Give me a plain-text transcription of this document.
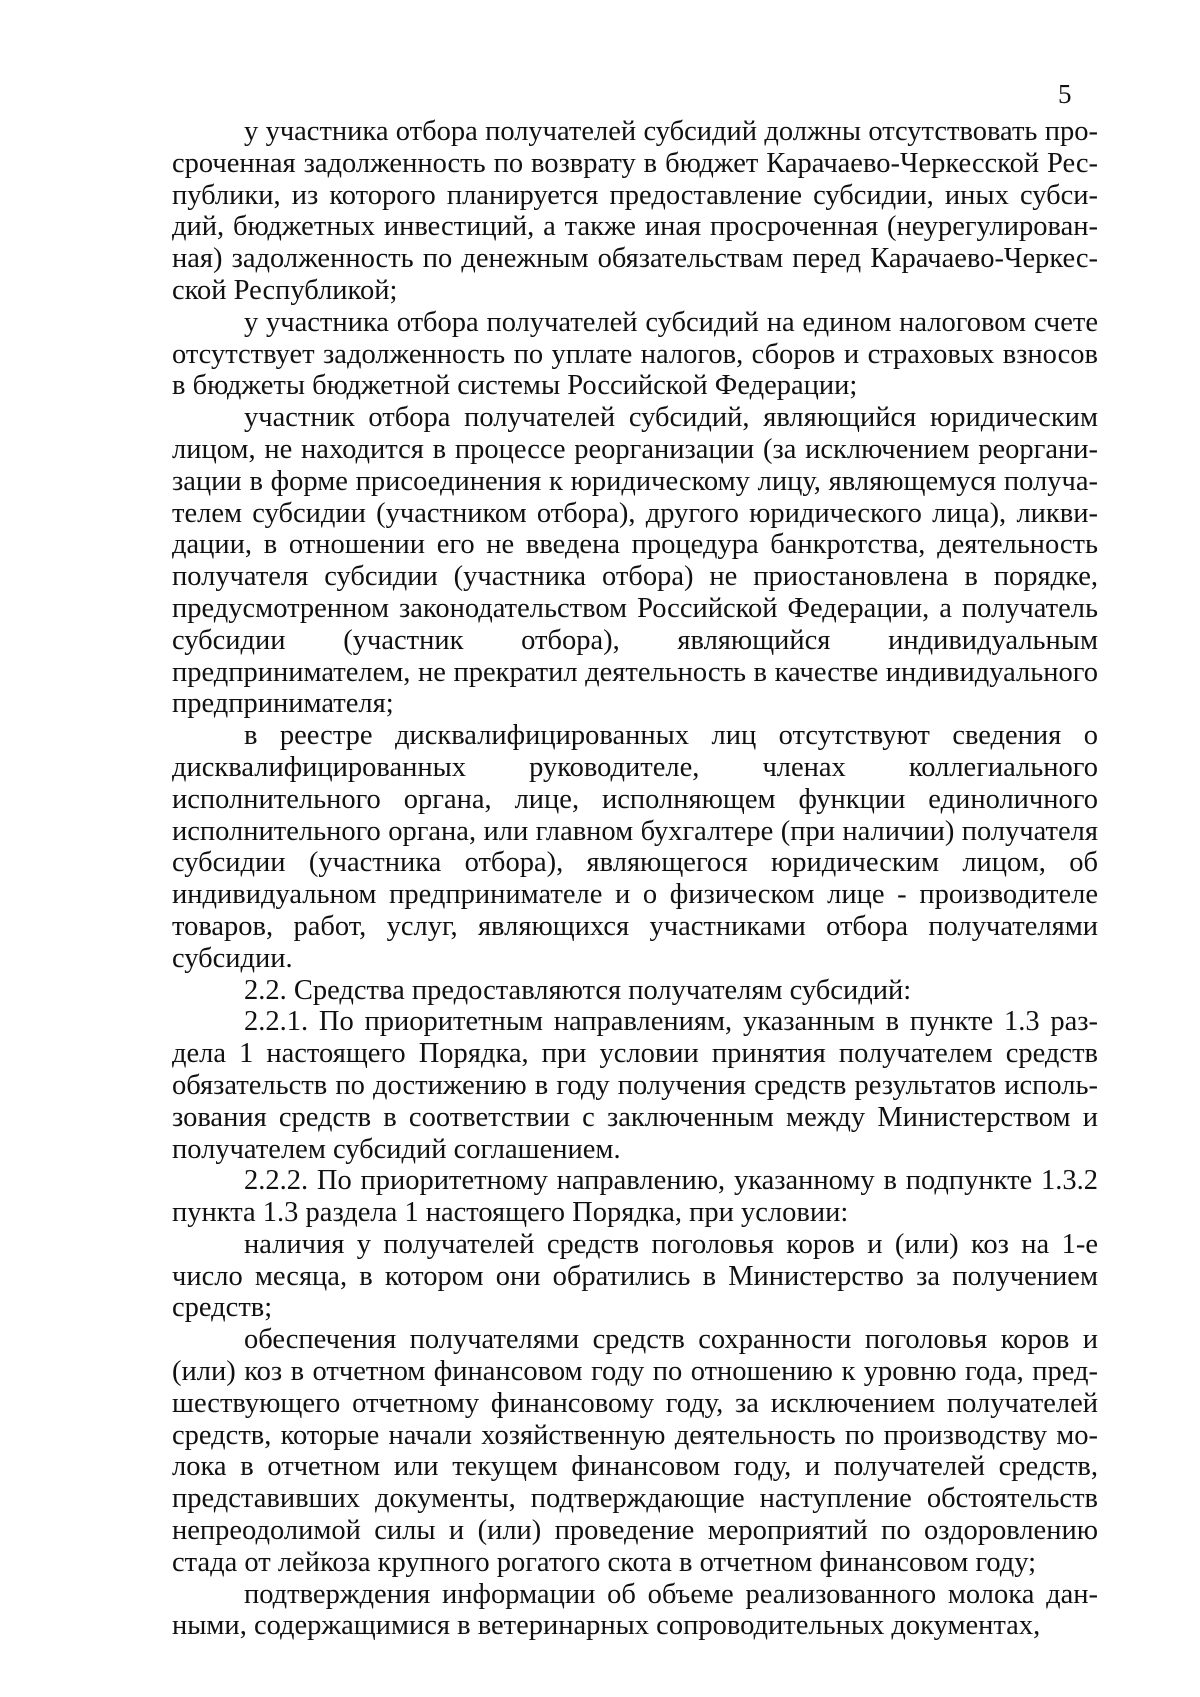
5

у участника отбора получателей субсидий должны отсутствовать просроченная задолженность по возврату в бюджет Карачаево-Черкесской Республики, из которого планируется предоставление субсидии, иных субсидий, бюджетных инвестиций, а также иная просроченная (неурегулированная) задолженность по денежным обязательствам перед Карачаево-Черкесской Республикой;

у участника отбора получателей субсидий на едином налоговом счете отсутствует задолженность по уплате налогов, сборов и страховых взносов в бюджеты бюджетной системы Российской Федерации;

участник отбора получателей субсидий, являющийся юридическим лицом, не находится в процессе реорганизации (за исключением реорганизации в форме присоединения к юридическому лицу, являющемуся получателем субсидии (участником отбора), другого юридического лица), ликвидации, в отношении его не введена процедура банкротства, деятельность получателя субсидии (участника отбора) не приостановлена в порядке, предусмотренном законодательством Российской Федерации, а получатель субсидии (участник отбора), являющийся индивидуальным предпринимателем, не прекратил деятельность в качестве индивидуального предпринимателя;

в реестре дисквалифицированных лиц отсутствуют сведения о дисквалифицированных руководителе, членах коллегиального исполнительного органа, лице, исполняющем функции единоличного исполнительного органа, или главном бухгалтере (при наличии) получателя субсидии (участника отбора), являющегося юридическим лицом, об индивидуальном предпринимателе и о физическом лице - производителе товаров, работ, услуг, являющихся участниками отбора получателями субсидии.

2.2. Средства предоставляются получателям субсидий:

2.2.1. По приоритетным направлениям, указанным в пункте 1.3 раздела 1 настоящего Порядка, при условии принятия получателем средств обязательств по достижению в году получения средств результатов использования средств в соответствии с заключенным между Министерством и получателем субсидий соглашением.

2.2.2. По приоритетному направлению, указанному в подпункте 1.3.2 пункта 1.3 раздела 1 настоящего Порядка, при условии:

наличия у получателей средств поголовья коров и (или) коз на 1-е число месяца, в котором они обратились в Министерство за получением средств;

обеспечения получателями средств сохранности поголовья коров и (или) коз в отчетном финансовом году по отношению к уровню года, предшествующего отчетному финансовому году, за исключением получателей средств, которые начали хозяйственную деятельность по производству молока в отчетном или текущем финансовом году, и получателей средств, представивших документы, подтверждающие наступление обстоятельств непреодолимой силы и (или) проведение мероприятий по оздоровлению стада от лейкоза крупного рогатого скота в отчетном финансовом году;

подтверждения информации об объеме реализованного молока данными, содержащимися в ветеринарных сопроводительных документах,
